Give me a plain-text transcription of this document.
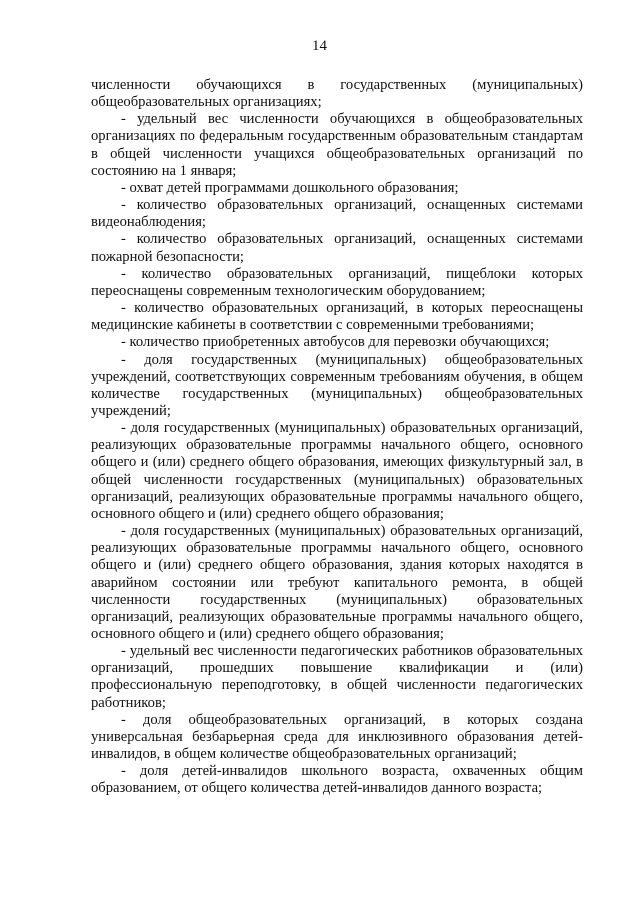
14

численности обучающихся в государственных (муниципальных) общеобразовательных организациях;

- удельный вес численности обучающихся в общеобразовательных организациях по федеральным государственным образовательным стандартам в общей численности учащихся общеобразовательных организаций по состоянию на 1 января;

- охват детей программами дошкольного образования;

- количество образовательных организаций, оснащенных системами видеонаблюдения;

- количество образовательных организаций, оснащенных системами пожарной безопасности;

- количество образовательных организаций, пищеблоки которых переоснащены современным технологическим оборудованием;

- количество образовательных организаций, в которых переоснащены медицинские кабинеты в соответствии с современными требованиями;

- количество приобретенных автобусов для перевозки обучающихся;

- доля государственных (муниципальных) общеобразовательных учреждений, соответствующих современным требованиям обучения, в общем количестве государственных (муниципальных) общеобразовательных учреждений;

- доля государственных (муниципальных) образовательных организаций, реализующих образовательные программы начального общего, основного общего и (или) среднего общего образования, имеющих физкультурный зал, в общей численности государственных (муниципальных) образовательных организаций, реализующих образовательные программы начального общего, основного общего и (или) среднего общего образования;

- доля государственных (муниципальных) образовательных организаций, реализующих образовательные программы начального общего, основного общего и (или) среднего общего образования, здания которых находятся в аварийном состоянии или требуют капитального ремонта, в общей численности государственных (муниципальных) образовательных организаций, реализующих образовательные программы начального общего, основного общего и (или) среднего общего образования;

- удельный вес численности педагогических работников образовательных организаций, прошедших повышение квалификации и (или) профессиональную переподготовку, в общей численности педагогических работников;

- доля общеобразовательных организаций, в которых создана универсальная безбарьерная среда для инклюзивного образования детей-инвалидов, в общем количестве общеобразовательных организаций;

- доля детей-инвалидов школьного возраста, охваченных общим образованием, от общего количества детей-инвалидов данного возраста;
